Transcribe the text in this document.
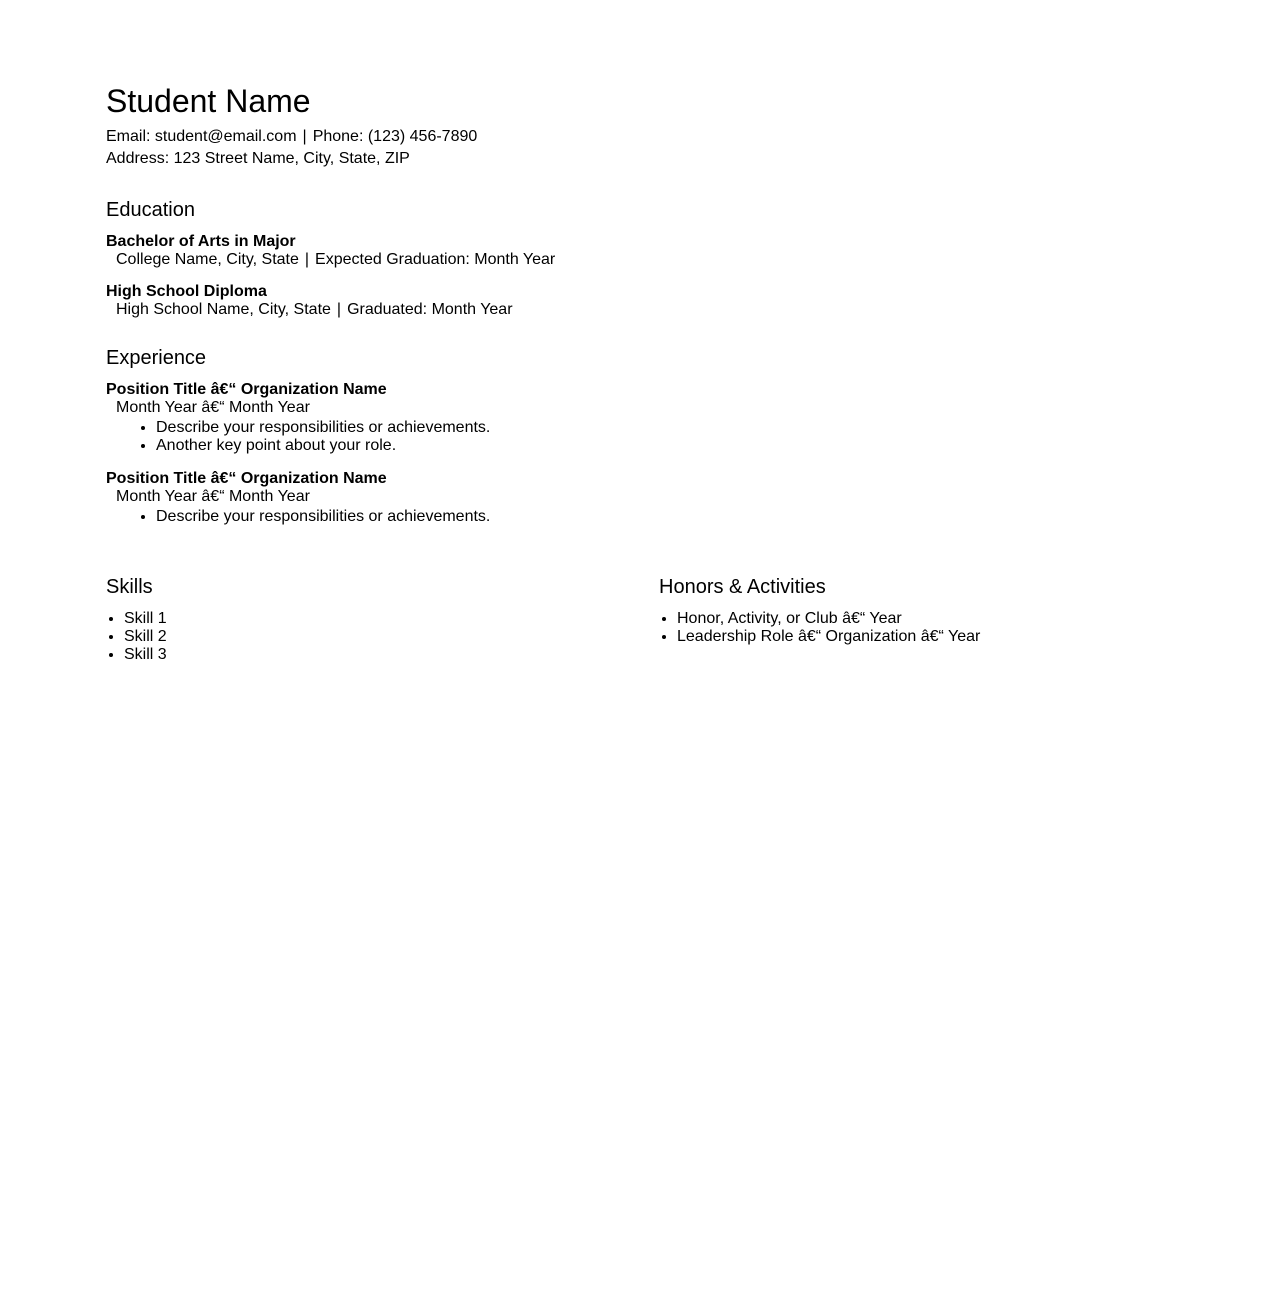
Student Name
Email: student@email.com | Phone: (123) 456-7890
Address: 123 Street Name, City, State, ZIP
Education
Bachelor of Arts in Major
College Name, City, State | Expected Graduation: Month Year
High School Diploma
High School Name, City, State | Graduated: Month Year
Experience
Position Title â€“ Organization Name
Month Year â€“ Month Year
• Describe your responsibilities or achievements.
• Another key point about your role.
Position Title â€“ Organization Name
Month Year â€“ Month Year
• Describe your responsibilities or achievements.
Skills
• Skill 1
• Skill 2
• Skill 3
Honors & Activities
• Honor, Activity, or Club â€“ Year
• Leadership Role â€“ Organization â€“ Year
